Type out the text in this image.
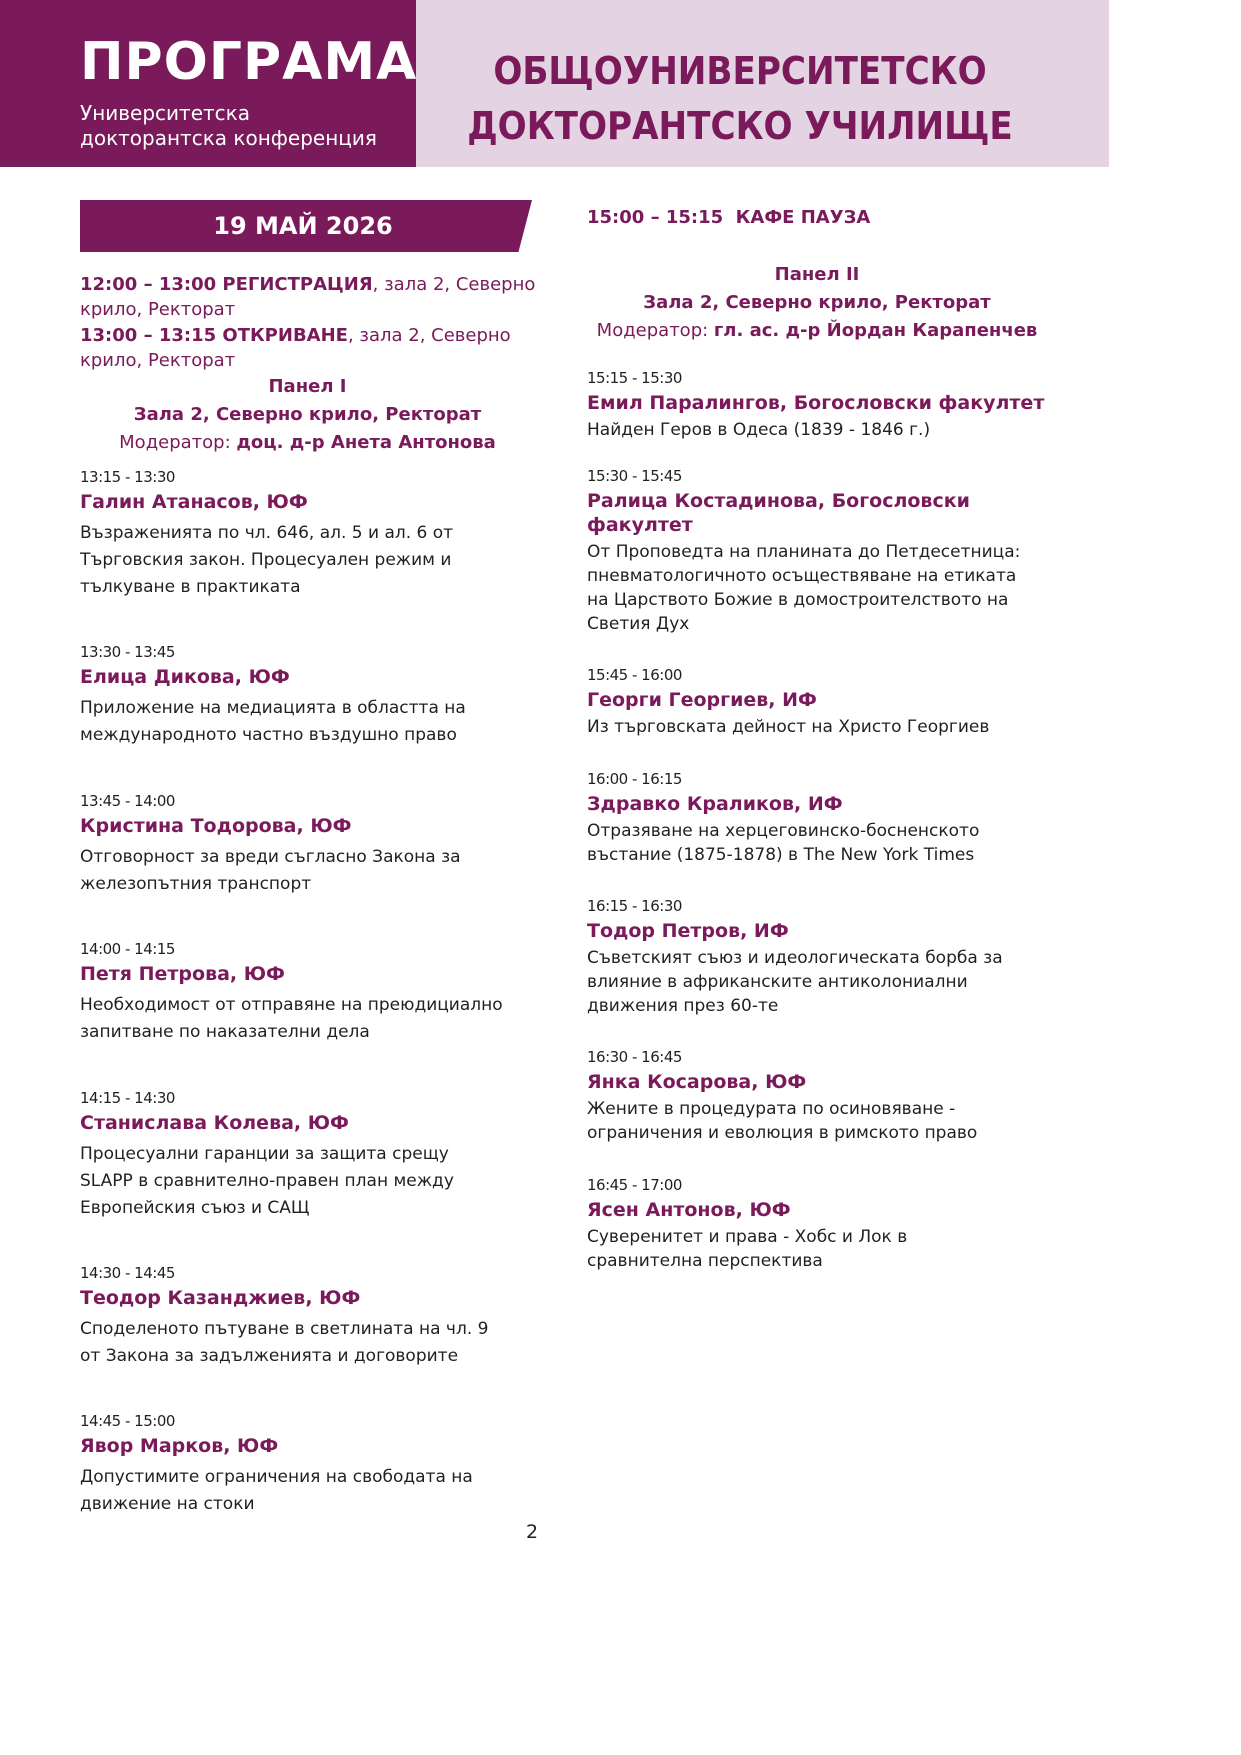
ПРОГРАМА
Университетска
докторантска конференция
ОБЩОУНИВЕРСИТЕТСКО
ДОКТОРАНТСКО УЧИЛИЩЕ
19 МАЙ 2026
12:00 – 13:00 РЕГИСТРАЦИЯ, зала 2, Северно
крило, Ректорат
13:00 – 13:15 ОТКРИВАНЕ, зала 2, Северно
крило, Ректорат
Панел I
Зала 2, Северно крило, Ректорат
Модератор: доц. д-р Анета Антонова
13:15 - 13:30
Галин Атанасов, ЮФ
Възраженията по чл. 646, ал. 5 и ал. 6 от
Търговския закон. Процесуален режим и
тълкуване в практиката
13:30 - 13:45
Елица Дикова, ЮФ
Приложение на медиацията в областта на
международното частно въздушно право
13:45 - 14:00
Кристина Тодорова, ЮФ
Отговорност за вреди съгласно Закона за
железопътния транспорт
14:00 - 14:15
Петя Петрова, ЮФ
Необходимост от отправяне на преюдициално
запитване по наказателни дела
14:15 - 14:30
Станислава Колева, ЮФ
Процесуални гаранции за защита срещу
SLAPP в сравнително-правен план между
Европейския съюз и САЩ
14:30 - 14:45
Теодор Казанджиев, ЮФ
Споделеното пътуване в светлината на чл. 9
от Закона за задълженията и договорите
14:45 - 15:00
Явор Марков, ЮФ
Допустимите ограничения на свободата на
движение на стоки
15:00 – 15:15 КАФЕ ПАУЗА
Панел II
Зала 2, Северно крило, Ректорат
Модератор: гл. ас. д-р Йордан Карапенчев
15:15 - 15:30
Емил Паралингов, Богословски факултет
Найден Геров в Одеса (1839 - 1846 г.)
15:30 - 15:45
Ралица Костадинова, Богословски
факултет
От Проповедта на планината до Петдесетница:
пневматологичното осъществяване на етиката
на Царството Божие в домостроителството на
Светия Дух
15:45 - 16:00
Георги Георгиев, ИФ
Из търговската дейност на Христо Георгиев
16:00 - 16:15
Здравко Краликов, ИФ
Отразяване на херцеговинско-босненското
въстание (1875-1878) в The New York Times
16:15 - 16:30
Тодор Петров, ИФ
Съветският съюз и идеологическата борба за
влияние в африканските антиколониални
движения през 60-те
16:30 - 16:45
Янка Косарова, ЮФ
Жените в процедурата по осиновяване -
ограничения и еволюция в римското право
16:45 - 17:00
Ясен Антонов, ЮФ
Суверенитет и права - Хобс и Лок в
сравнителна перспектива
2
